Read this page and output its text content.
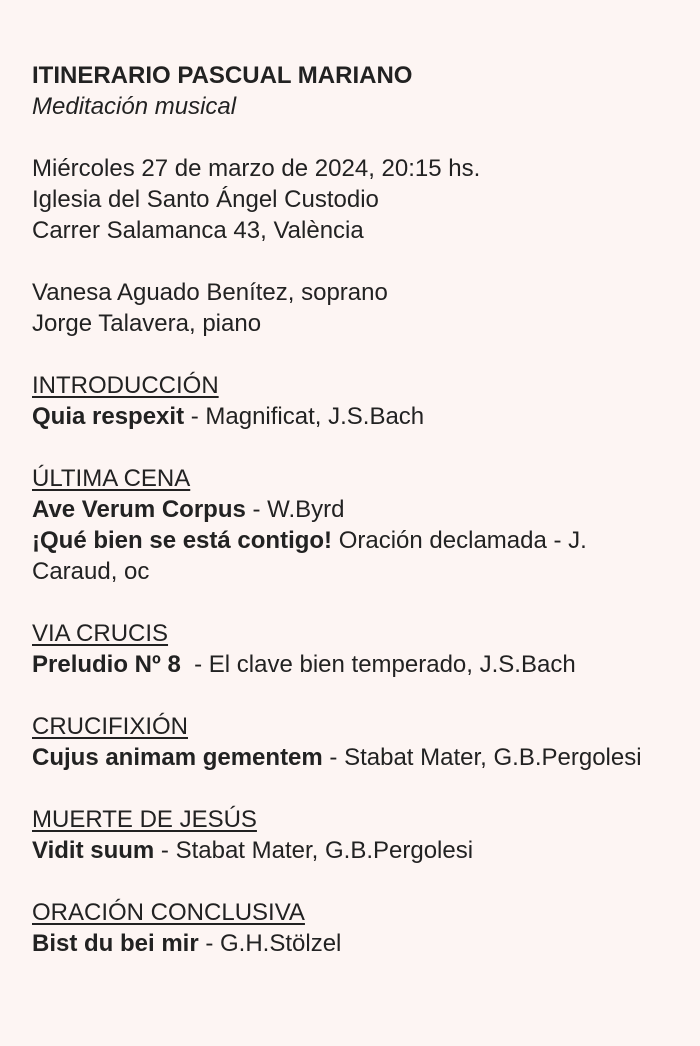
ITINERARIO PASCUAL MARIANO
Meditación musical
Miércoles 27 de marzo de 2024, 20:15 hs.
Iglesia del Santo Ángel Custodio
Carrer Salamanca 43, València
Vanesa Aguado Benítez, soprano
Jorge Talavera, piano
INTRODUCCIÓN
Quia respexit - Magnificat, J.S.Bach
ÚLTIMA CENA
Ave Verum Corpus - W.Byrd
¡Qué bien se está contigo! Oración declamada - J. Caraud, oc
VIA CRUCIS
Preludio Nº 8  - El clave bien temperado, J.S.Bach
CRUCIFIXIÓN
Cujus animam gementem - Stabat Mater, G.B.Pergolesi
MUERTE DE JESÚS
Vidit suum - Stabat Mater, G.B.Pergolesi
ORACIÓN CONCLUSIVA
Bist du bei mir - G.H.Stölzel
